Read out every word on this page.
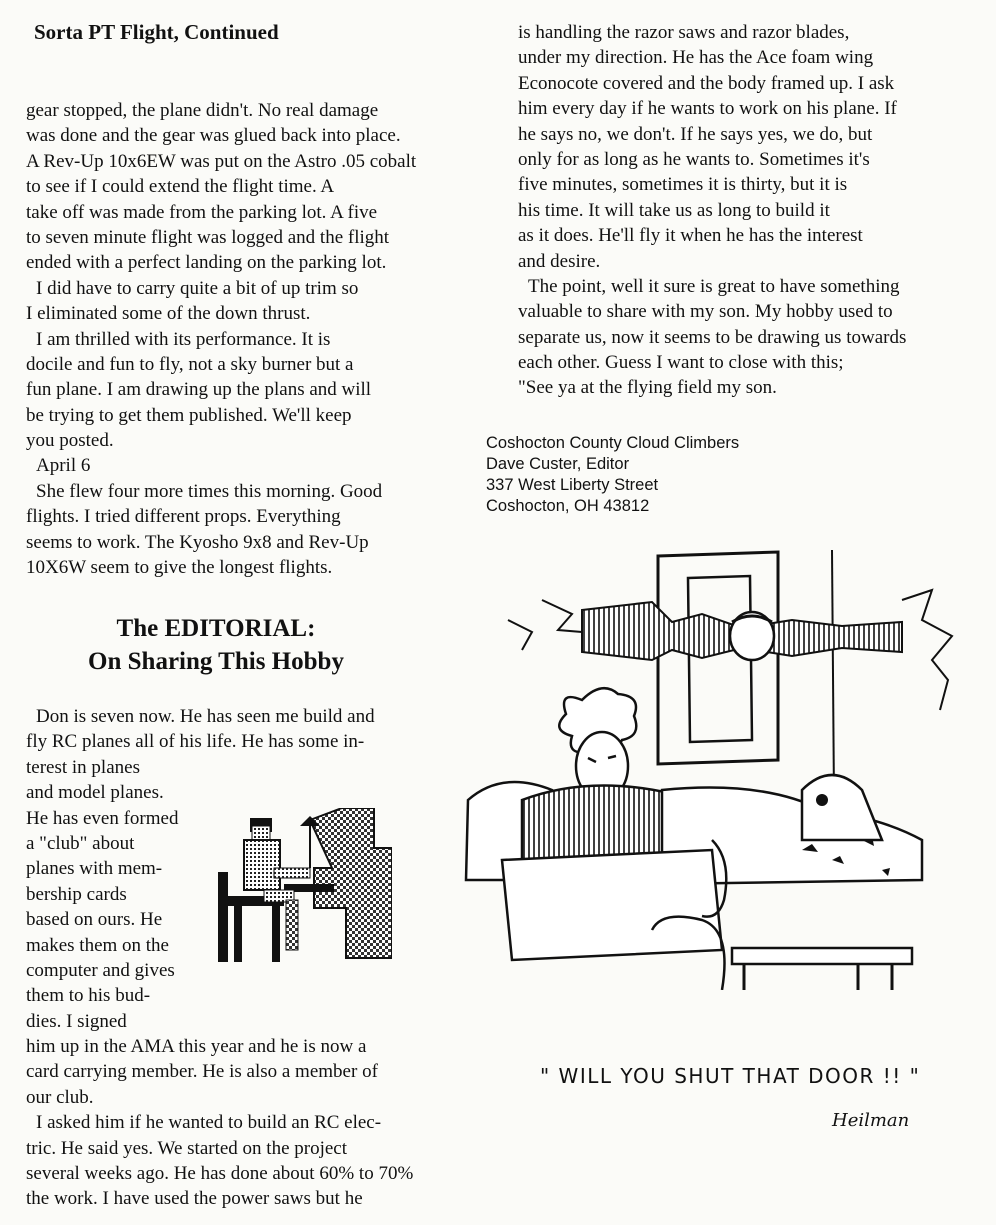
Sorta PT Flight, Continued
gear stopped, the plane didn't. No real damage
was done and the gear was glued back into place.
A Rev-Up 10x6EW was put on the Astro .05 cobalt
to see if I could extend the flight time. A
take off was made from the parking lot. A five
to seven minute flight was logged and the flight
ended with a perfect landing on the parking lot.
I did have to carry quite a bit of up trim so
I eliminated some of the down thrust.
I am thrilled with its performance. It is
docile and fun to fly, not a sky burner but a
fun plane. I am drawing up the plans and will
be trying to get them published. We'll keep
you posted.
April 6
She flew four more times this morning. Good
flights. I tried different props. Everything
seems to work. The Kyosho 9x8 and Rev-Up
10X6W seem to give the longest flights.
The EDITORIAL:
On Sharing This Hobby
Don is seven now. He has seen me build and
fly RC planes all of his life. He has some in-
terest in planes
and model planes.
He has even formed
a "club" about
planes with mem-
bership cards
based on ours. He
makes them on the
computer and gives
them to his bud-
dies. I signed
him up in the AMA this year and he is now a
card carrying member. He is also a member of
our club.
I asked him if he wanted to build an RC elec-
tric. He said yes. We started on the project
several weeks ago. He has done about 60% to 70%
the work. I have used the power saws but he
is handling the razor saws and razor blades,
under my direction. He has the Ace foam wing
Econocote covered and the body framed up. I ask
him every day if he wants to work on his plane. If
he says no, we don't. If he says yes, we do, but
only for as long as he wants to. Sometimes it's
five minutes, sometimes it is thirty, but it is
his time. It will take us as long to build it
as it does. He'll fly it when he has the interest
and desire.
The point, well it sure is great to have something
valuable to share with my son. My hobby used to
separate us, now it seems to be drawing us towards
each other. Guess I want to close with this;
"See ya at the flying field my son.
Coshocton County Cloud Climbers
Dave Custer, Editor
337 West Liberty Street
Coshocton, OH 43812
" WILL YOU SHUT THAT DOOR !! "
Heilman
